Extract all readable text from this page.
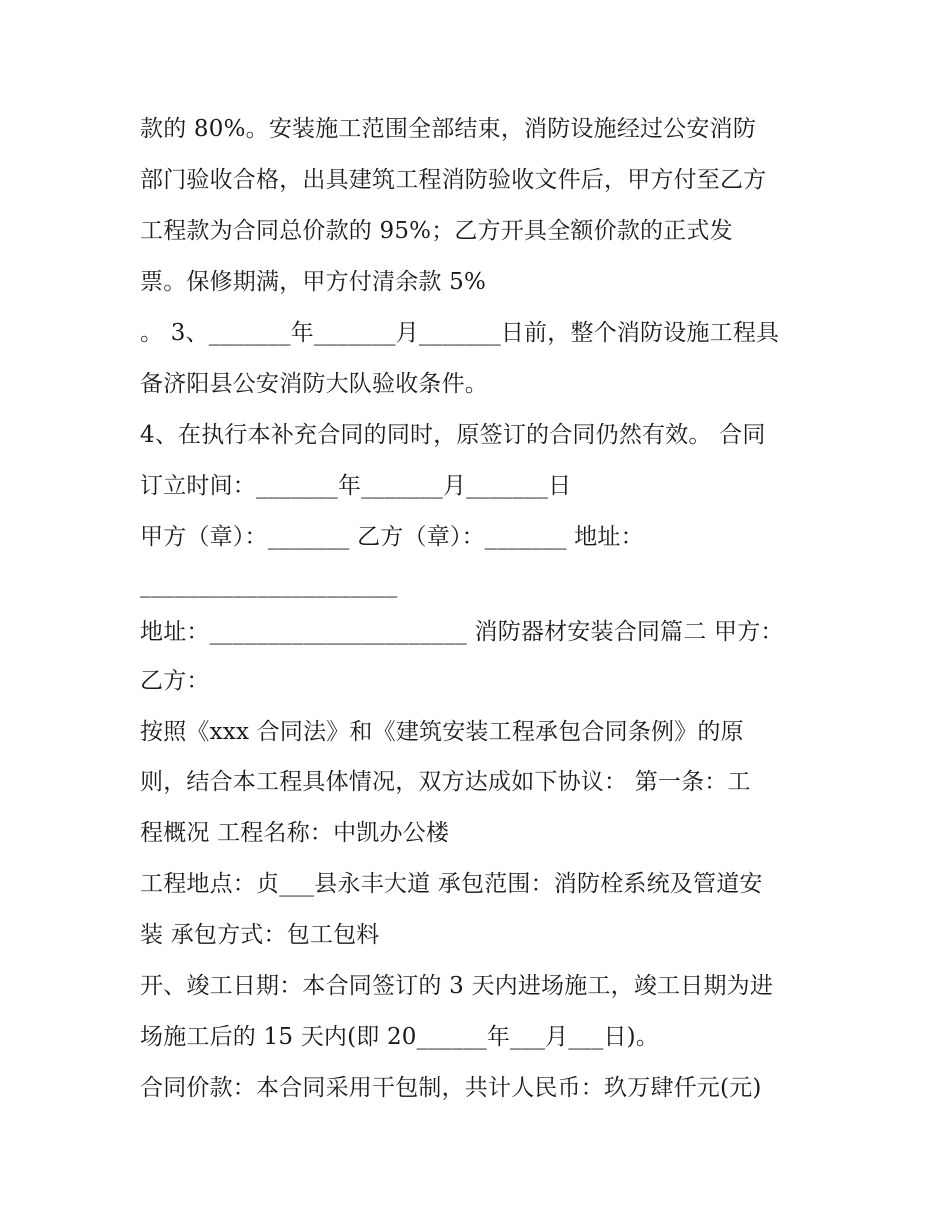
款的 80%。安装施工范围全部结束，消防设施经过公安消防
部门验收合格，出具建筑工程消防验收文件后，甲方付至乙方
工程款为合同总价款的 95%；乙方开具全额价款的正式发
票。保修期满，甲方付清余款 5%
。 3、_______年_______月_______日前，整个消防设施工程具
备济阳县公安消防大队验收条件。
4、在执行本补充合同的同时，原签订的合同仍然有效。 合同
订立时间：_______年_______月_______日
甲方（章）：_______ 乙方（章）：_______ 地址：
______________________
地址：______________________ 消防器材安装合同篇二 甲方：
乙方：
按照《xxx 合同法》和《建筑安装工程承包合同条例》的原
则，结合本工程具体情况，双方达成如下协议： 第一条：工
程概况 工程名称：中凯办公楼
工程地点：贞___县永丰大道 承包范围：消防栓系统及管道安
装 承包方式：包工包料
开、竣工日期：本合同签订的 3 天内进场施工，竣工日期为进
场施工后的 15 天内(即 20______年___月___日)。
合同价款：本合同采用干包制，共计人民币：玖万肆仟元(元)
